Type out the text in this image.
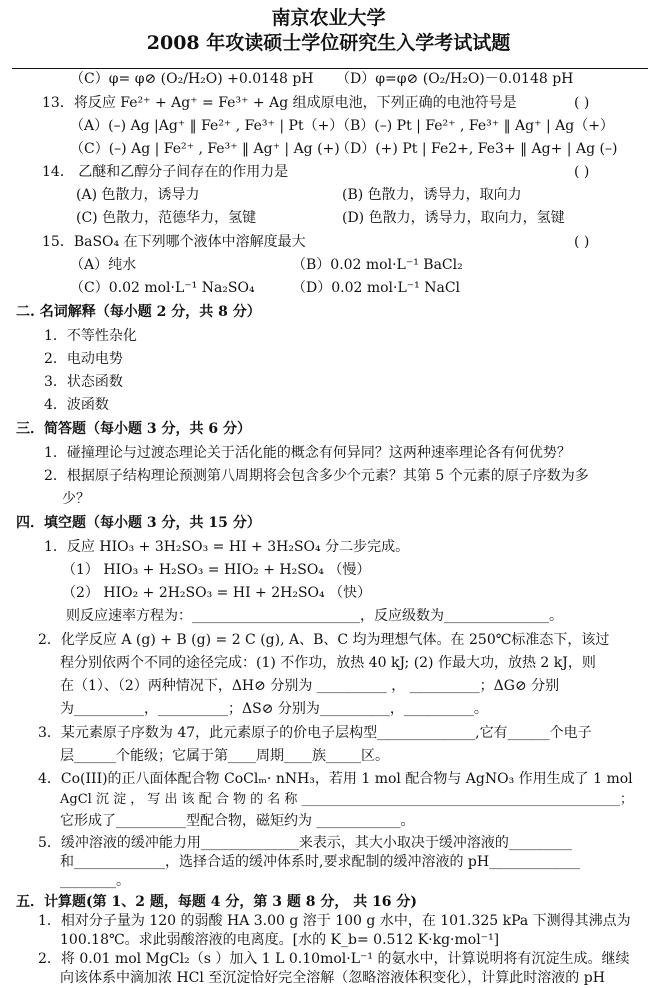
南京农业大学
2008 年攻读硕士学位研究生入学考试试题
（C）φ= φ⊘ (O₂/H₂O) +0.0148 pH （D）φ=φ⊘ (O₂/H₂O)－0.0148 pH
13．将反应 Fe²⁺ + Ag⁺ = Fe³⁺ + Ag 组成原电池，下列正确的电池符号是	( )
（A）(–) Ag |Ag⁺ ‖ Fe²⁺ , Fe³⁺ | Pt（+）
（B）(–) Pt | Fe²⁺ , Fe³⁺ ‖ Ag⁺ | Ag（+）
（C）(–) Ag | Fe²⁺ , Fe³⁺ ‖ Ag⁺ | Ag (+)
（D）(+) Pt | Fe2+, Fe3+ ‖ Ag+ | Ag (–)
14． 乙醚和乙醇分子间存在的作用力是	( )
(A) 色散力，诱导力	(B) 色散力，诱导力，取向力
(C) 色散力，范德华力，氢键	(D) 色散力，诱导力，取向力，氢键
15．BaSO₄ 在下列哪个液体中溶解度最大	( )
（A）纯水	（B）0.02 mol·L⁻¹ BaCl₂
（C）0.02 mol·L⁻¹ Na₂SO₄	（D）0.02 mol·L⁻¹ NaCl
二. 名词解释（每小题 2 分，共 8 分）
1．不等性杂化
2．电动电势
3．状态函数
4．波函数
三．简答题（每小题 3 分，共 6 分）
1．碰撞理论与过渡态理论关于活化能的概念有何异同？这两种速率理论各有何优势？
2．根据原子结构理论预测第八周期将会包含多少个元素？其第 5 个元素的原子序数为多
少？
四．填空题（每小题 3 分，共 15 分）
1．反应 HIO₃ + 3H₂SO₃ = HI + 3H₂SO₄ 分二步完成。
（1） HIO₃ + H₂SO₃ = HIO₂ + H₂SO₄ （慢）
（2） HIO₂ + 2H₂SO₃ = HI + 2H₂SO₄ （快）
则反应速率方程为：________________________，反应级数为_______________。
2．化学反应 A (g) + B (g) = 2 C (g), A、B、C 均为理想气体。在 250℃标准态下，该过
程分别依两个不同的途径完成：(1) 不作功，放热 40 kJ; (2) 作最大功，放热 2 kJ，则
在（1）、（2）两种情况下，ΔH⊘ 分别为 __________ ， __________；ΔG⊘ 分别
为__________，__________；ΔS⊘ 分别为__________，__________。
3．某元素原子序数为 47，此元素原子的价电子层构型______________,它有______个电子
层______个能级；它属于第____周期____族_____区。
4．Co(III)的正八面体配合物 CoClₘ· nNH₃，若用 1 mol 配合物与 AgNO₃ 作用生成了 1 mol
AgCl 沉 淀 ， 写 出 该 配 合 物 的 名 称 _________________________________________________；
它形成了__________型配合物，磁矩约为 ____________。
5．缓冲溶液的缓冲能力用______________来表示，其大小取决于缓冲溶液的_________
和_____________，选择合适的缓冲体系时,要求配制的缓冲溶液的 pH_____________
________。
五．计算题(第 1、2 题，每题 4 分，第 3 题 8 分， 共 16 分)
1．相对分子量为 120 的弱酸 HA 3.00 g 溶于 100 g 水中，在 101.325 kPa 下测得其沸点为
100.18℃。求此弱酸溶液的电离度。[水的 K_b= 0.512 K·kg·mol⁻¹]
2．将 0.01 mol MgCl₂（s ）加入 1 L 0.10mol·L⁻¹ 的氨水中，计算说明将有沉淀生成。继续
向该体系中滴加浓 HCl 至沉淀恰好完全溶解（忽略溶液体积变化），计算此时溶液的 pH
